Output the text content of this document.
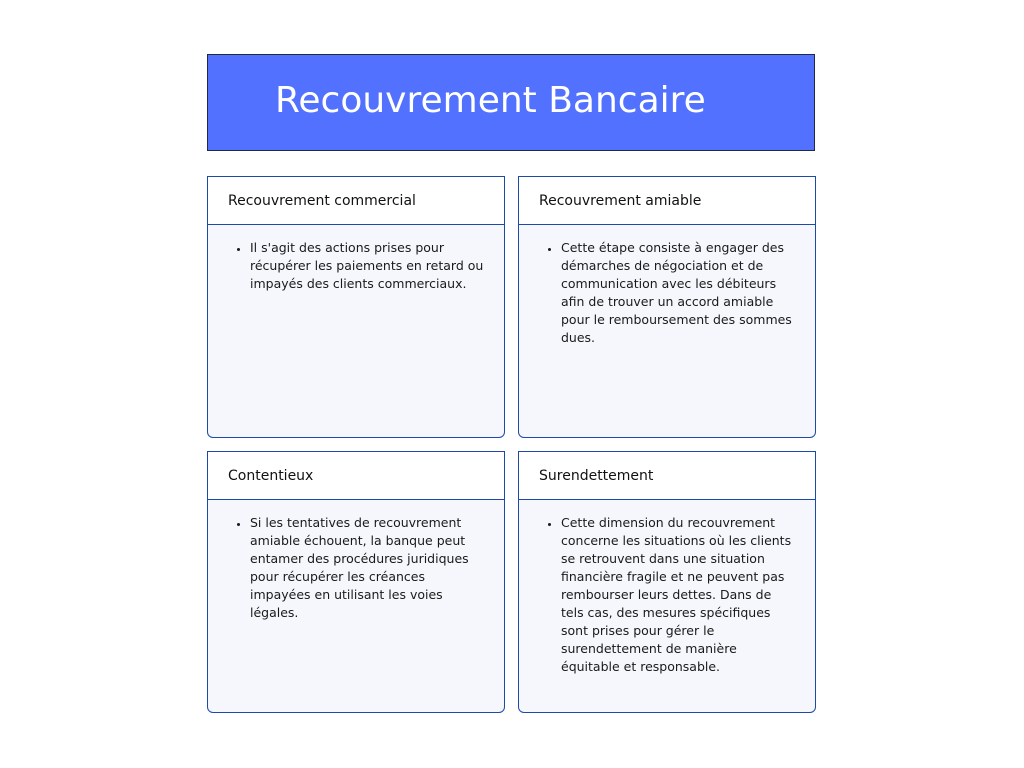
Recouvrement Bancaire
Recouvrement commercial
• Il s'agit des actions prises pour récupérer les paiements en retard ou impayés des clients commerciaux.
Recouvrement amiable
• Cette étape consiste à engager des démarches de négociation et de communication avec les débiteurs afin de trouver un accord amiable pour le remboursement des sommes dues.
Contentieux
• Si les tentatives de recouvrement amiable échouent, la banque peut entamer des procédures juridiques pour récupérer les créances impayées en utilisant les voies légales.
Surendettement
• Cette dimension du recouvrement concerne les situations où les clients se retrouvent dans une situation financière fragile et ne peuvent pas rembourser leurs dettes. Dans de tels cas, des mesures spécifiques sont prises pour gérer le surendettement de manière équitable et responsable.
